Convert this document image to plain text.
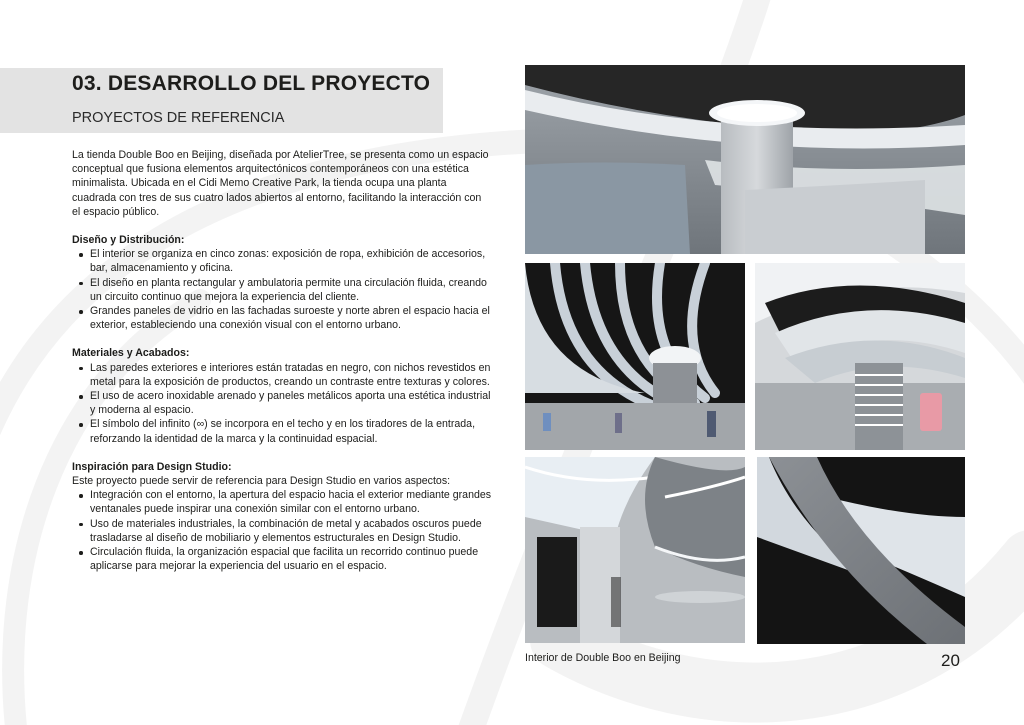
03. DESARROLLO DEL PROYECTO
PROYECTOS DE REFERENCIA

La tienda Double Boo en Beijing, diseñada por AtelierTree, se presenta como un espacio conceptual que fusiona elementos arquitectónicos contemporáneos con una estética minimalista. Ubicada en el Cidi Memo Creative Park, la tienda ocupa una planta cuadrada con tres de sus cuatro lados abiertos al entorno, facilitando la interacción con el espacio público.

Diseño y Distribución:

El interior se organiza en cinco zonas: exposición de ropa, exhibición de accesorios, bar, almacenamiento y oficina.
El diseño en planta rectangular y ambulatoria permite una circulación fluida, creando un circuito continuo que mejora la experiencia del cliente.
Grandes paneles de vidrio en las fachadas suroeste y norte abren el espacio hacia el exterior, estableciendo una conexión visual con el entorno urbano.

Materiales y Acabados:

Las paredes exteriores e interiores están tratadas en negro, con nichos revestidos en metal para la exposición de productos, creando un contraste entre texturas y colores.
El uso de acero inoxidable arenado y paneles metálicos aporta una estética industrial y moderna al espacio.
El símbolo del infinito (∞) se incorpora en el techo y en los tiradores de la entrada, reforzando la identidad de la marca y la continuidad espacial.

Inspiración para Design Studio:

Este proyecto puede servir de referencia para Design Studio en varios aspectos:

Integración con el entorno, la apertura del espacio hacia el exterior mediante grandes ventanales puede inspirar una conexión similar con el entorno urbano.
Uso de materiales industriales, la combinación de metal y acabados oscuros puede trasladarse al diseño de mobiliario y elementos estructurales en Design Studio.
Circulación fluida, la organización espacial que facilita un recorrido continuo puede aplicarse para mejorar la experiencia del usuario en el espacio.
Interior de Double Boo en Beijing	20
